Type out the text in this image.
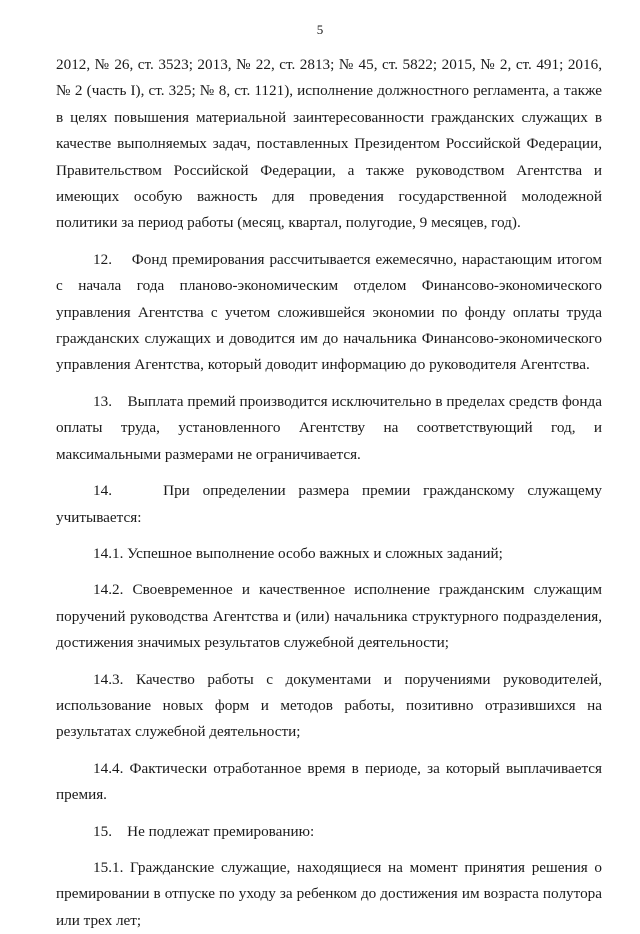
5

2012, № 26, ст. 3523; 2013, № 22, ст. 2813; № 45, ст. 5822; 2015, № 2, ст. 491; 2016, № 2 (часть I), ст. 325; № 8, ст. 1121), исполнение должностного регламента, а также в целях повышения материальной заинтересованности гражданских служащих в качестве выполняемых задач, поставленных Президентом Российской Федерации, Правительством Российской Федерации, а также руководством Агентства и имеющих особую важность для проведения государственной молодежной политики за период работы (месяц, квартал, полугодие, 9 месяцев, год).

12.    Фонд премирования рассчитывается ежемесячно, нарастающим итогом с начала года планово-экономическим отделом Финансово-экономического управления Агентства с учетом сложившейся экономии по фонду оплаты труда гражданских служащих и доводится им до начальника Финансово-экономического управления Агентства, который доводит информацию до руководителя Агентства.

13.    Выплата премий производится исключительно в пределах средств фонда оплаты труда, установленного Агентству на соответствующий год, и максимальными размерами не ограничивается.

14.    При определении размера премии гражданскому служащему учитывается:

14.1. Успешное выполнение особо важных и сложных заданий;

14.2. Своевременное и качественное исполнение гражданским служащим поручений руководства Агентства и (или) начальника структурного подразделения, достижения значимых результатов служебной деятельности;

14.3. Качество работы с документами и поручениями руководителей, использование новых форм и методов работы, позитивно отразившихся на результатах служебной деятельности;

14.4. Фактически отработанное время в периоде, за который выплачивается премия.

15.    Не подлежат премированию:

15.1. Гражданские служащие, находящиеся на момент принятия решения о премировании в отпуске по уходу за ребенком до достижения им возраста полутора или трех лет;
